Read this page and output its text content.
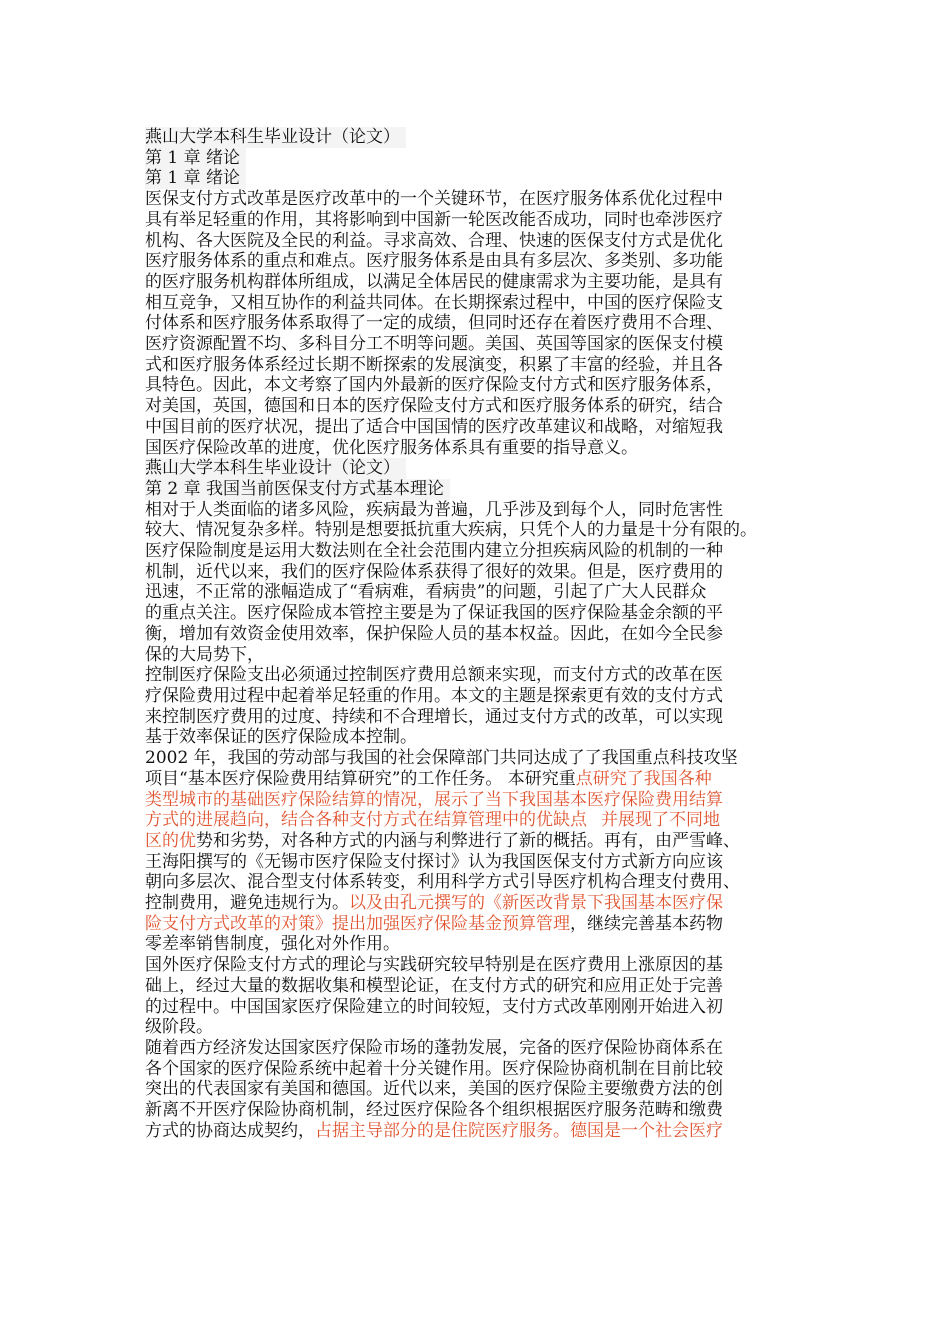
燕山大学本科生毕业设计（论文）
第 1 章 绪论
第 1 章 绪论
医保支付方式改革是医疗改革中的一个关键环节，在医疗服务体系优化过程中
具有举足轻重的作用，其将影响到中国新一轮医改能否成功，同时也牵涉医疗
机构、各大医院及全民的利益。寻求高效、合理、快速的医保支付方式是优化
医疗服务体系的重点和难点。医疗服务体系是由具有多层次、多类别、多功能
的医疗服务机构群体所组成，以满足全体居民的健康需求为主要功能，是具有
相互竞争，又相互协作的利益共同体。在长期探索过程中，中国的医疗保险支
付体系和医疗服务体系取得了一定的成绩，但同时还存在着医疗费用不合理、
医疗资源配置不均、多科目分工不明等问题。美国、英国等国家的医保支付模
式和医疗服务体系经过长期不断探索的发展演变，积累了丰富的经验，并且各
具特色。因此，本文考察了国内外最新的医疗保险支付方式和医疗服务体系，
对美国，英国，德国和日本的医疗保险支付方式和医疗服务体系的研究，结合
中国目前的医疗状况，提出了适合中国国情的医疗改革建议和战略，对缩短我
国医疗保险改革的进度，优化医疗服务体系具有重要的指导意义。
燕山大学本科生毕业设计（论文）
第 2 章 我国当前医保支付方式基本理论
相对于人类面临的诸多风险，疾病最为普遍，几乎涉及到每个人，同时危害性
较大、情况复杂多样。特别是想要抵抗重大疾病，只凭个人的力量是十分有限的。
医疗保险制度是运用大数法则在全社会范围内建立分担疾病风险的机制的一种
机制，近代以来，我们的医疗保险体系获得了很好的效果。但是，医疗费用的
迅速，不正常的涨幅造成了“看病难，看病贵”的问题，引起了广大人民群众
的重点关注。医疗保险成本管控主要是为了保证我国的医疗保险基金余额的平
衡，增加有效资金使用效率，保护保险人员的基本权益。因此，在如今全民参
保的大局势下，
控制医疗保险支出必须通过控制医疗费用总额来实现，而支付方式的改革在医
疗保险费用过程中起着举足轻重的作用。本文的主题是探索更有效的支付方式
来控制医疗费用的过度、持续和不合理增长，通过支付方式的改革，可以实现
基于效率保证的医疗保险成本控制。
2002 年，我国的劳动部与我国的社会保障部门共同达成了了我国重点科技攻坚
项目“基本医疗保险费用结算研究”的工作任务。 本研究重点研究了我国各种
类型城市的基础医疗保险结算的情况，展示了当下我国基本医疗保险费用结算
方式的进展趋向，结合各种支付方式在结算管理中的优缺点 并展现了不同地
区的优势和劣势，对各种方式的内涵与利弊进行了新的概括。再有，由严雪峰、
王海阳撰写的《无锡市医疗保险支付探讨》认为我国医保支付方式新方向应该
朝向多层次、混合型支付体系转变，利用科学方式引导医疗机构合理支付费用、
控制费用，避免违规行为。以及由孔元撰写的《新医改背景下我国基本医疗保
险支付方式改革的对策》提出加强医疗保险基金预算管理，继续完善基本药物
零差率销售制度，强化对外作用。
国外医疗保险支付方式的理论与实践研究较早特别是在医疗费用上涨原因的基
础上，经过大量的数据收集和模型论证，在支付方式的研究和应用正处于完善
的过程中。中国国家医疗保险建立的时间较短，支付方式改革刚刚开始进入初
级阶段。
随着西方经济发达国家医疗保险市场的蓬勃发展，完备的医疗保险协商体系在
各个国家的医疗保险系统中起着十分关键作用。医疗保险协商机制在目前比较
突出的代表国家有美国和德国。近代以来，美国的医疗保险主要缴费方法的创
新离不开医疗保险协商机制，经过医疗保险各个组织根据医疗服务范畴和缴费
方式的协商达成契约，占据主导部分的是住院医疗服务。德国是一个社会医疗
